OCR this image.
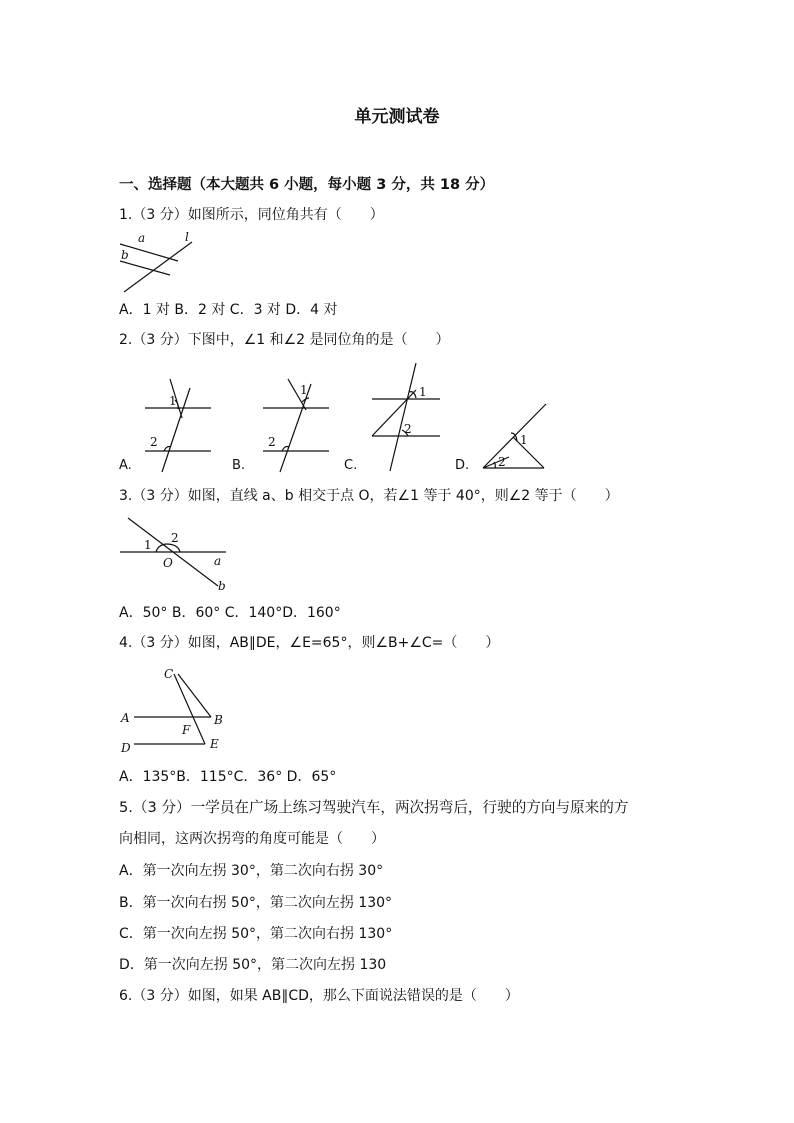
单元测试卷
一、选择题（本大题共 6 小题，每小题 3 分，共 18 分）
1.（3 分）如图所示，同位角共有（　　）
a
b
l
A．1 对 B．2 对 C．3 对 D．4 对
2.（3 分）下图中，∠1 和∠2 是同位角的是（　　）
1
2
A.
1
2
B.
1
2
C.
1
2
D.
3.（3 分）如图，直线 a、b 相交于点 O，若∠1 等于 40°，则∠2 等于（　　）
1 2
O	a
b
A．50° B．60° C．140°D．160°
4.（3 分）如图，AB∥DE，∠E=65°，则∠B+∠C=（　　）
C
A	B
F
D	E
A．135°B．115°C．36° D．65°
5.（3 分）一学员在广场上练习驾驶汽车，两次拐弯后，行驶的方向与原来的方
向相同，这两次拐弯的角度可能是（　　）
A．第一次向左拐 30°，第二次向右拐 30°
B．第一次向右拐 50°，第二次向左拐 130°
C．第一次向左拐 50°，第二次向右拐 130°
D．第一次向左拐 50°，第二次向左拐 130
6.（3 分）如图，如果 AB∥CD，那么下面说法错误的是（　　）
